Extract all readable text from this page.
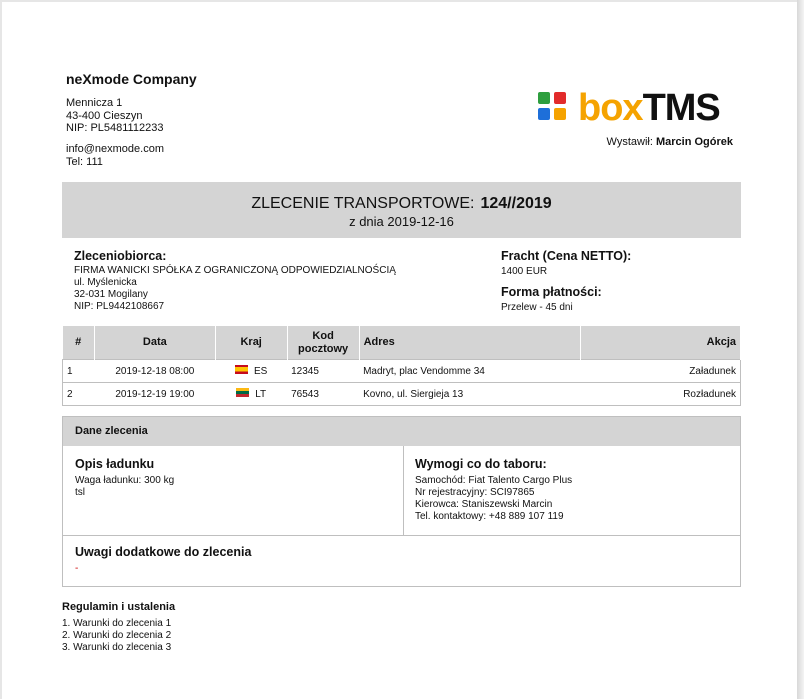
neXmode Company
Mennicza 1
43-400 Cieszyn
NIP: PL5481112233
info@nexmode.com
Tel: 111
boxTMS
Wystawił: Marcin Ogórek
ZLECENIE TRANSPORTOWE: 124//2019
z dnia 2019-12-16
Zleceniobiorca:
FIRMA WANICKI SPÓŁKA Z OGRANICZONĄ ODPOWIEDZIALNOŚCIĄ
ul. Myślenicka
32-031 Mogilany
NIP: PL9442108667
Fracht (Cena NETTO):
1400 EUR
Forma płatności:
Przelew - 45 dni
#	Data	Kraj	Kod pocztowy	Adres	Akcja
1	2019-12-18 08:00	ES	12345	Madryt, plac Vendomme 34	Załadunek
2	2019-12-19 19:00	LT	76543	Kovno, ul. Siergieja 13	Rozładunek
Dane zlecenia
Opis ładunku
Waga ładunku: 300 kg
tsl
Wymogi co do taboru:
Samochód: Fiat Talento Cargo Plus
Nr rejestracyjny: SCI97865
Kierowca: Staniszewski Marcin
Tel. kontaktowy: +48 889 107 119
Uwagi dodatkowe do zlecenia
-
Regulamin i ustalenia
1. Warunki do zlecenia 1
2. Warunki do zlecenia 2
3. Warunki do zlecenia 3
